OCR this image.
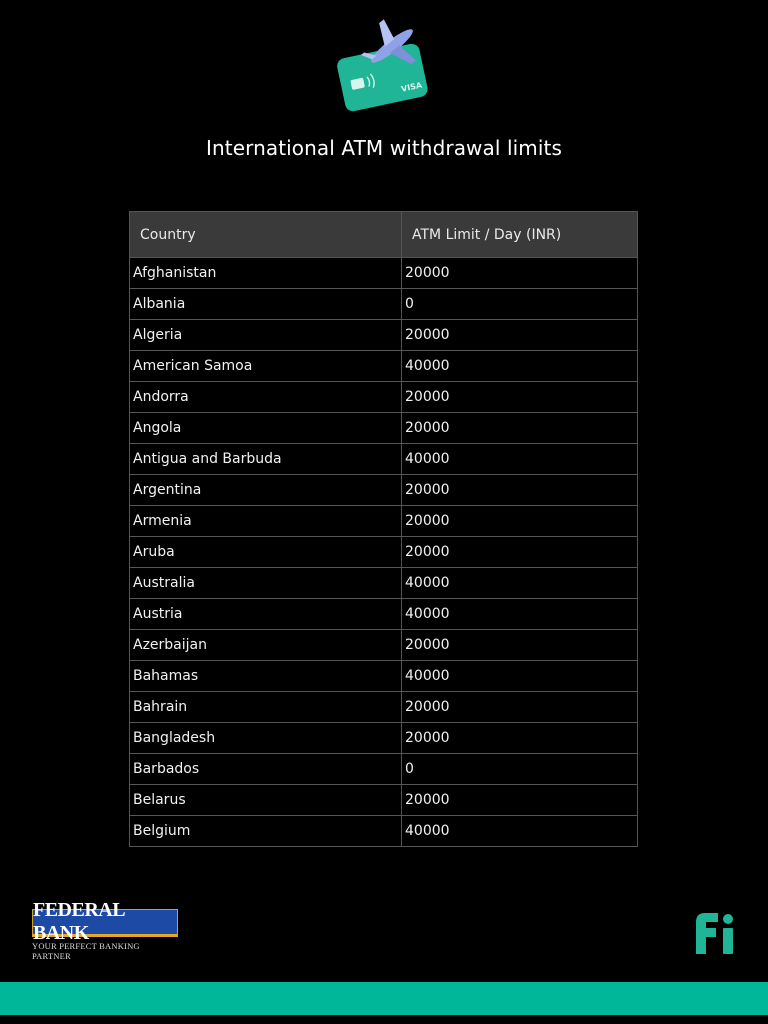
VISA
International ATM withdrawal limits
Country	ATM Limit / Day (INR)
Afghanistan	20000
Albania	0
Algeria	20000
American Samoa	40000
Andorra	20000
Angola	20000
Antigua and Barbuda	40000
Argentina	20000
Armenia	20000
Aruba	20000
Australia	40000
Austria	40000
Azerbaijan	20000
Bahamas	40000
Bahrain	20000
Bangladesh	20000
Barbados	0
Belarus	20000
Belgium	40000
FEDERAL BANK
YOUR PERFECT BANKING PARTNER
